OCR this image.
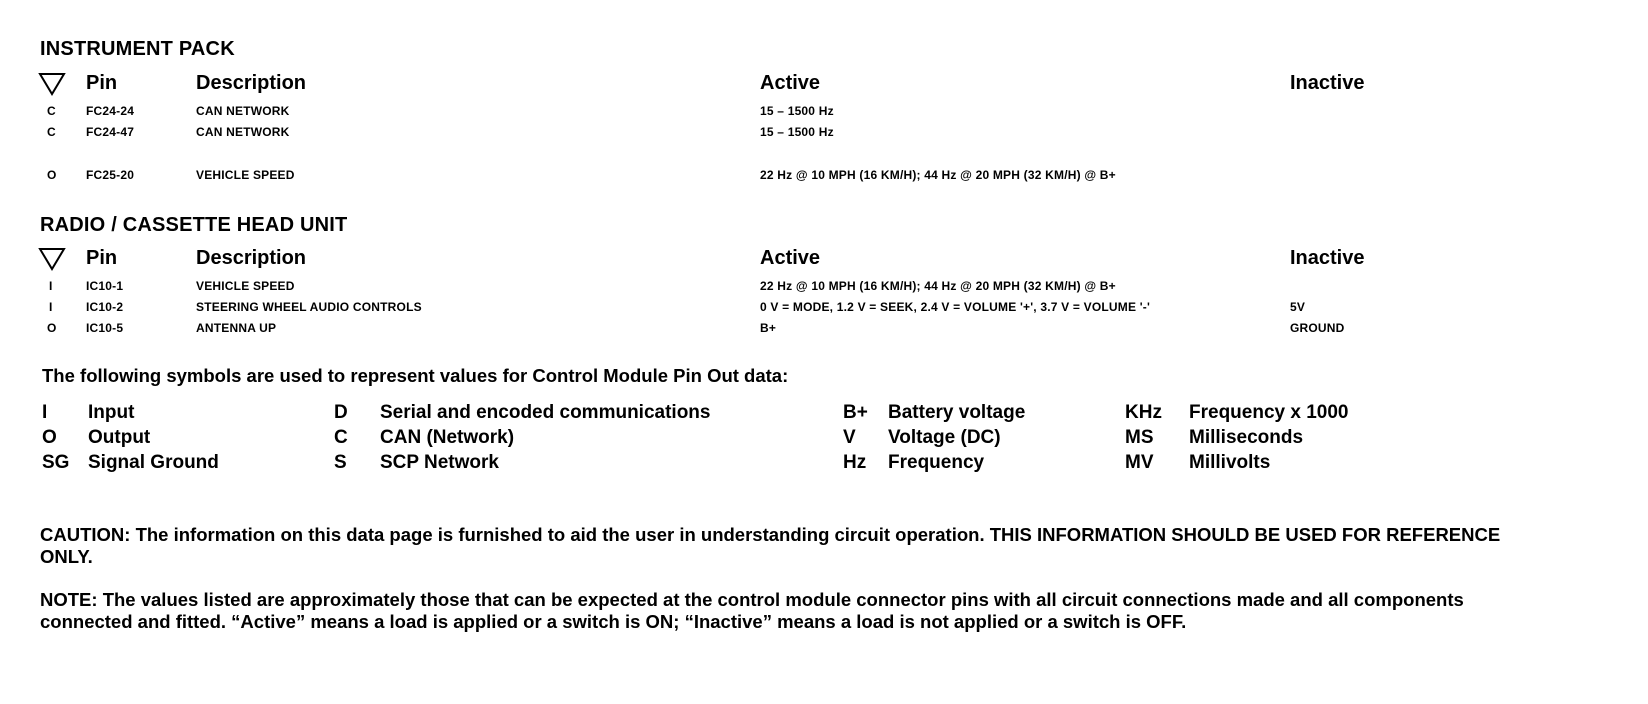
INSTRUMENT PACK
Pin	Description	Active	Inactive
C	FC24-24	CAN NETWORK	15 – 1500 Hz
C	FC24-47	CAN NETWORK	15 – 1500 Hz
O FC25-20	VEHICLE SPEED	22 Hz @ 10 MPH (16 KM/H); 44 Hz @ 20 MPH (32 KM/H) @ B+
RADIO / CASSETTE HEAD UNIT
Pin	Description	Active	Inactive
I	IC10-1	VEHICLE SPEED	22 Hz @ 10 MPH (16 KM/H); 44 Hz @ 20 MPH (32 KM/H) @ B+
I	IC10-2	STEERING WHEEL AUDIO CONTROLS	0 V = MODE, 1.2 V = SEEK, 2.4 V = VOLUME '+', 3.7 V = VOLUME '-'	5V
O IC10-5	ANTENNA UP	B+	GROUND
The following symbols are used to represent values for Control Module Pin Out data:
I Input
O Output
SG Signal Ground
D Serial and encoded communications
C CAN (Network)
S SCP Network
B+ Battery voltage
V Voltage (DC)
Hz Frequency
KHz Frequency x 1000
MS Milliseconds
MV Millivolts
CAUTION: The information on this data page is furnished to aid the user in understanding circuit operation. THIS INFORMATION SHOULD BE USED FOR REFERENCE ONLY.
NOTE: The values listed are approximately those that can be expected at the control module connector pins with all circuit connections made and all components connected and fitted. “Active” means a load is applied or a switch is ON; “Inactive” means a load is not applied or a switch is OFF.
